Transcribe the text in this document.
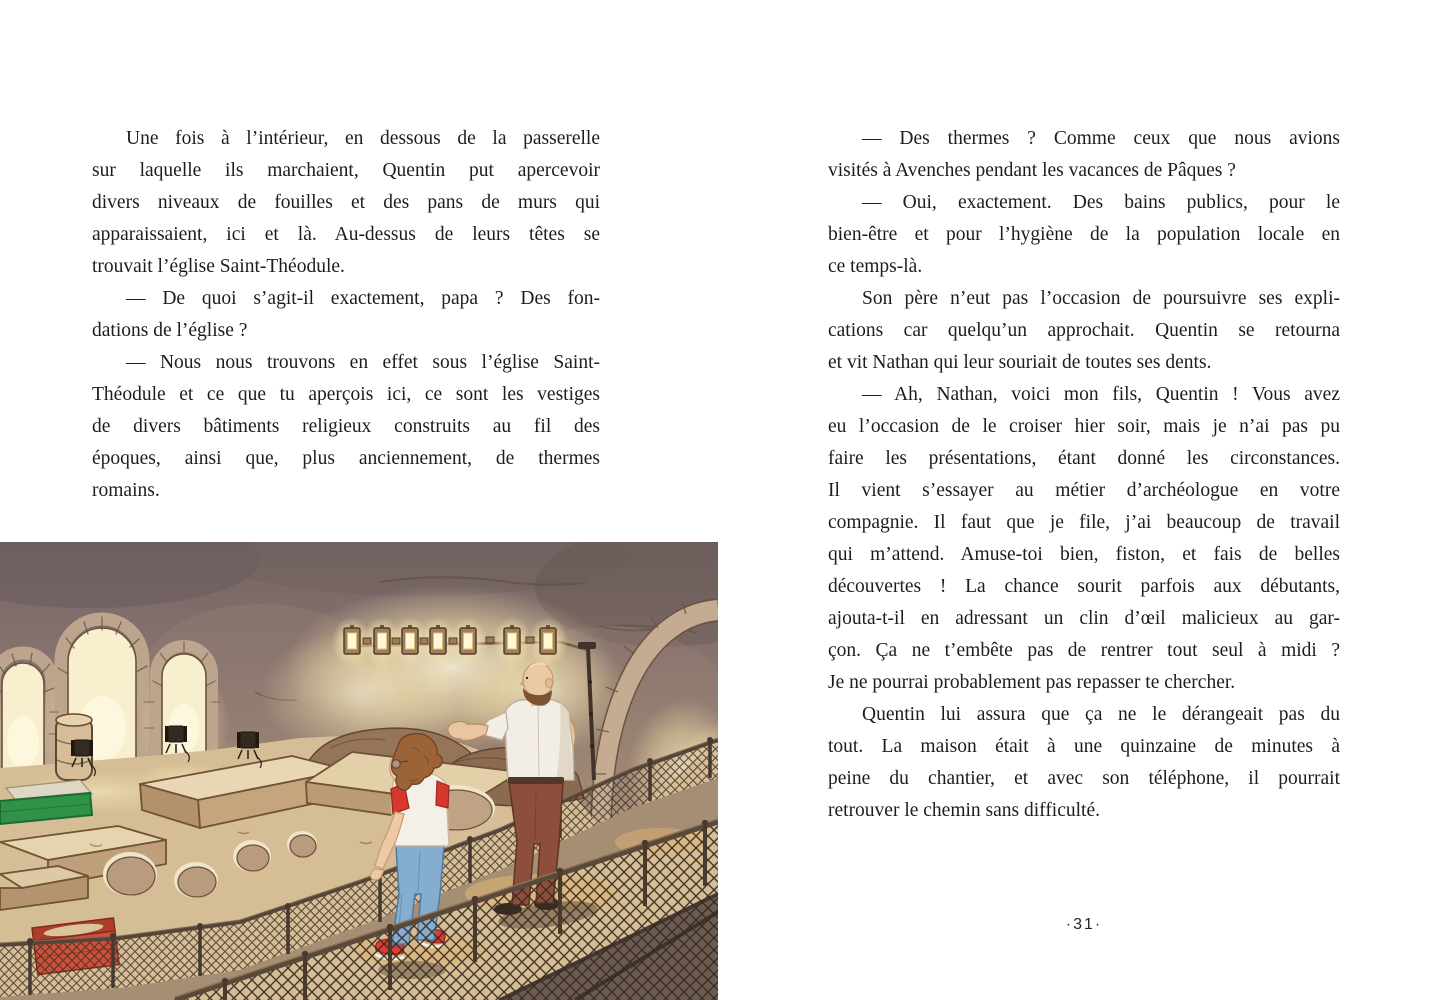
Une fois à l’intérieur, en dessous de la passerelle
sur laquelle ils marchaient, Quentin put apercevoir
divers niveaux de fouilles et des pans de murs qui
apparaissaient, ici et là. Au-dessus de leurs têtes se
trouvait l’église Saint-Théodule.
— De quoi s’agit-il exactement, papa ? Des fon-
dations de l’église ?
— Nous nous trouvons en effet sous l’église Saint-
Théodule et ce que tu aperçois ici, ce sont les vestiges
de divers bâtiments religieux construits au fil des
époques, ainsi que, plus anciennement, de thermes
romains.
— Des thermes ? Comme ceux que nous avions
visités à Avenches pendant les vacances de Pâques ?
— Oui, exactement. Des bains publics, pour le
bien-être et pour l’hygiène de la population locale en
ce temps-là.
Son père n’eut pas l’occasion de poursuivre ses expli-
cations car quelqu’un approchait. Quentin se retourna
et vit Nathan qui leur souriait de toutes ses dents.
— Ah, Nathan, voici mon fils, Quentin ! Vous avez
eu l’occasion de le croiser hier soir, mais je n’ai pas pu
faire les présentations, étant donné les circonstances.
Il vient s’essayer au métier d’archéologue en votre
compagnie. Il faut que je file, j’ai beaucoup de travail
qui m’attend. Amuse-toi bien, fiston, et fais de belles
découvertes ! La chance sourit parfois aux débutants,
ajouta-t-il en adressant un clin d’œil malicieux au gar-
çon. Ça ne t’embête pas de rentrer tout seul à midi ?
Je ne pourrai probablement pas repasser te chercher.
Quentin lui assura que ça ne le dérangeait pas du
tout. La maison était à une quinzaine de minutes à
peine du chantier, et avec son téléphone, il pourrait
retrouver le chemin sans difficulté.
·31·
